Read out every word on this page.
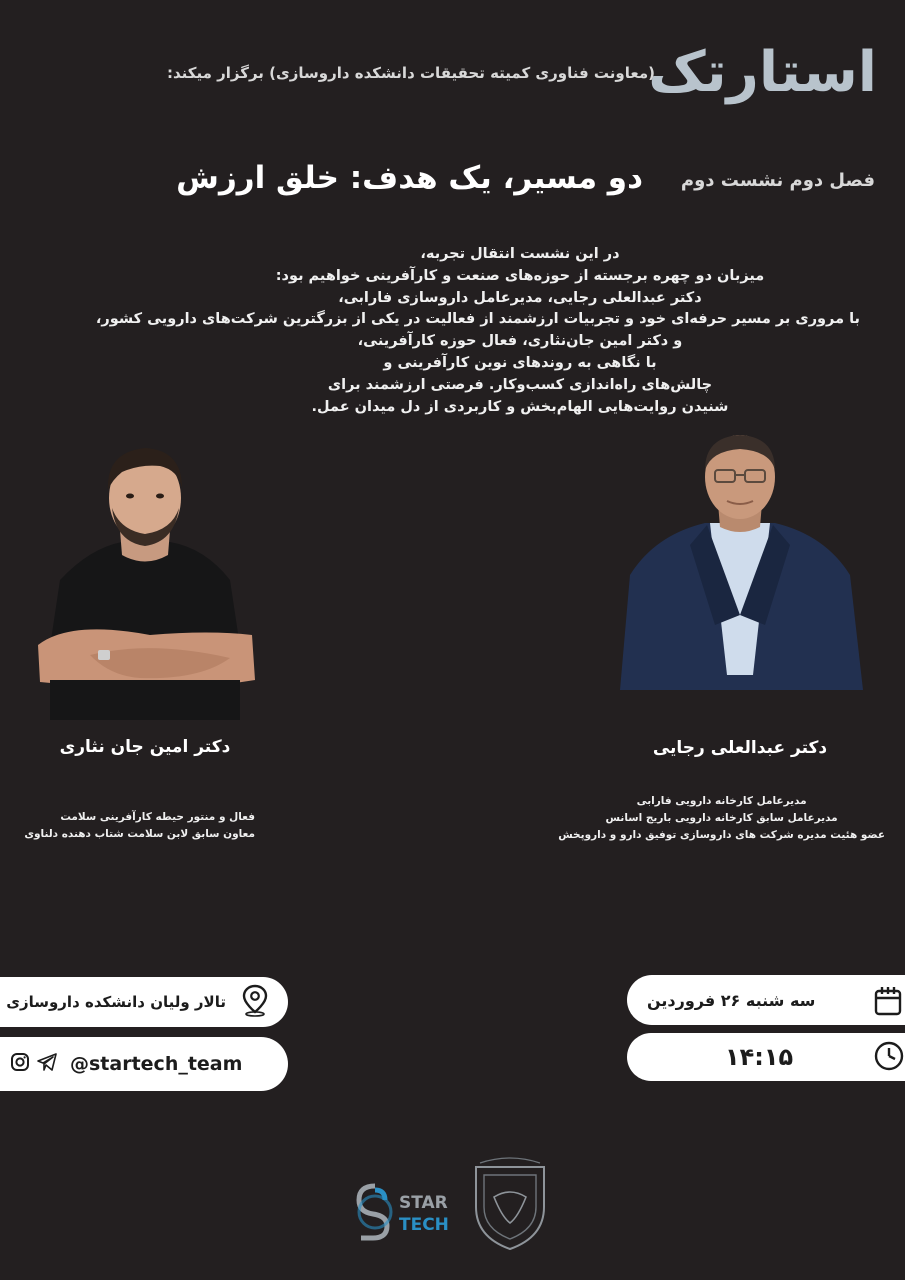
استارتک
(معاونت فناوری کمیته تحقیقات دانشکده داروسازی) برگزار میکند:
فصل دوم نشست دوم
دو مسیر، یک هدف: خلق ارزش
در این نشست انتقال تجربه،
میزبان دو چهره برجسته از حوزه‌های صنعت و کارآفرینی خواهیم بود:
دکتر عبدالعلی رجایی، مدیرعامل داروسازی فارابی،
با مروری بر مسیر حرفه‌ای خود و تجربیات ارزشمند از فعالیت در یکی از بزرگترین شرکت‌های دارویی کشور،
و دکتر امین جان‌نثاری، فعال حوزه کارآفرینی،
با نگاهی به روندهای نوین کارآفرینی و
چالش‌های راه‌اندازی کسب‌وکار. فرصتی ارزشمند برای
شنیدن روایت‌هایی الهام‌بخش و کاربردی از دل میدان عمل.
دکتر امین جان نثاری	دکتر عبدالعلی رجایی
فعال و منتور حیطه کارآفرینی سلامت
معاون سابق لابن سلامت شتاب دهنده دلناوی
مدیرعامل کارخانه دارویی فارابی
مدیرعامل سابق کارخانه دارویی باریج اسانس
عضو هئیت مدیره شرکت های داروسازی توفیق دارو و داروپخش
تالار ولیان دانشکده داروسازی
@startech_team
سه شنبه ۲۶ فروردین
۱۴:۱۵
STAR
TECH
